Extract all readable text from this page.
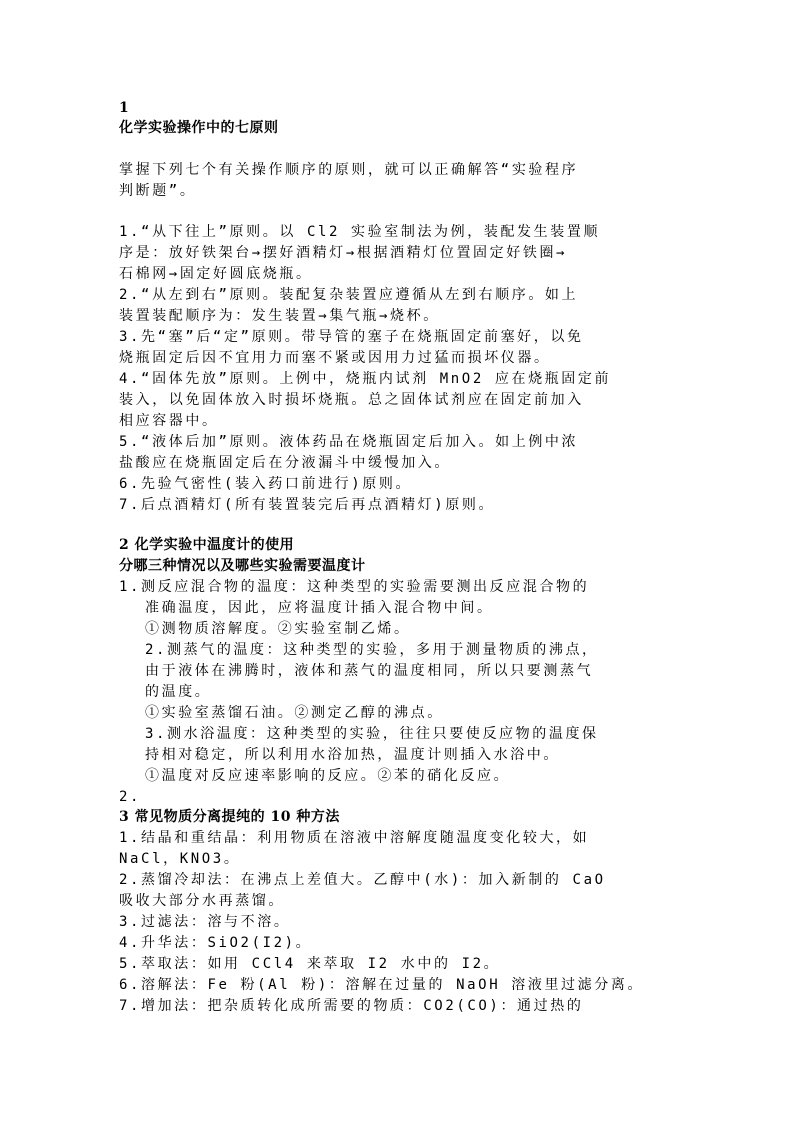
1
化学实验操作中的七原则
掌握下列七个有关操作顺序的原则，就可以正确解答“实验程序
判断题”。
1.“从下往上”原则。以 Cl2 实验室制法为例，装配发生装置顺
序是：放好铁架台→摆好酒精灯→根据酒精灯位置固定好铁圈→
石棉网→固定好圆底烧瓶。
2.“从左到右”原则。装配复杂装置应遵循从左到右顺序。如上
装置装配顺序为：发生装置→集气瓶→烧杯。
3.先“塞”后“定”原则。带导管的塞子在烧瓶固定前塞好，以免
烧瓶固定后因不宜用力而塞不紧或因用力过猛而损坏仪器。
4.“固体先放”原则。上例中，烧瓶内试剂 MnO2 应在烧瓶固定前
装入，以免固体放入时损坏烧瓶。总之固体试剂应在固定前加入
相应容器中。
5.“液体后加”原则。液体药品在烧瓶固定后加入。如上例中浓
盐酸应在烧瓶固定后在分液漏斗中缓慢加入。
6.先验气密性(装入药口前进行)原则。
7.后点酒精灯(所有装置装完后再点酒精灯)原则。
2 化学实验中温度计的使用
分哪三种情况以及哪些实验需要温度计
1.测反应混合物的温度：这种类型的实验需要测出反应混合物的
准确温度，因此，应将温度计插入混合物中间。
①测物质溶解度。②实验室制乙烯。
2.测蒸气的温度：这种类型的实验，多用于测量物质的沸点，
由于液体在沸腾时，液体和蒸气的温度相同，所以只要测蒸气
的温度。
①实验室蒸馏石油。②测定乙醇的沸点。
3.测水浴温度：这种类型的实验，往往只要使反应物的温度保
持相对稳定，所以利用水浴加热，温度计则插入水浴中。
①温度对反应速率影响的反应。②苯的硝化反应。
2.
3 常见物质分离提纯的 10 种方法
1.结晶和重结晶：利用物质在溶液中溶解度随温度变化较大，如
NaCl，KNO3。
2.蒸馏冷却法：在沸点上差值大。乙醇中(水)：加入新制的 CaO
吸收大部分水再蒸馏。
3.过滤法：溶与不溶。
4.升华法：SiO2(I2)。
5.萃取法：如用 CCl4 来萃取 I2 水中的 I2。
6.溶解法：Fe 粉(Al 粉)：溶解在过量的 NaOH 溶液里过滤分离。
7.增加法：把杂质转化成所需要的物质：CO2(CO)：通过热的
